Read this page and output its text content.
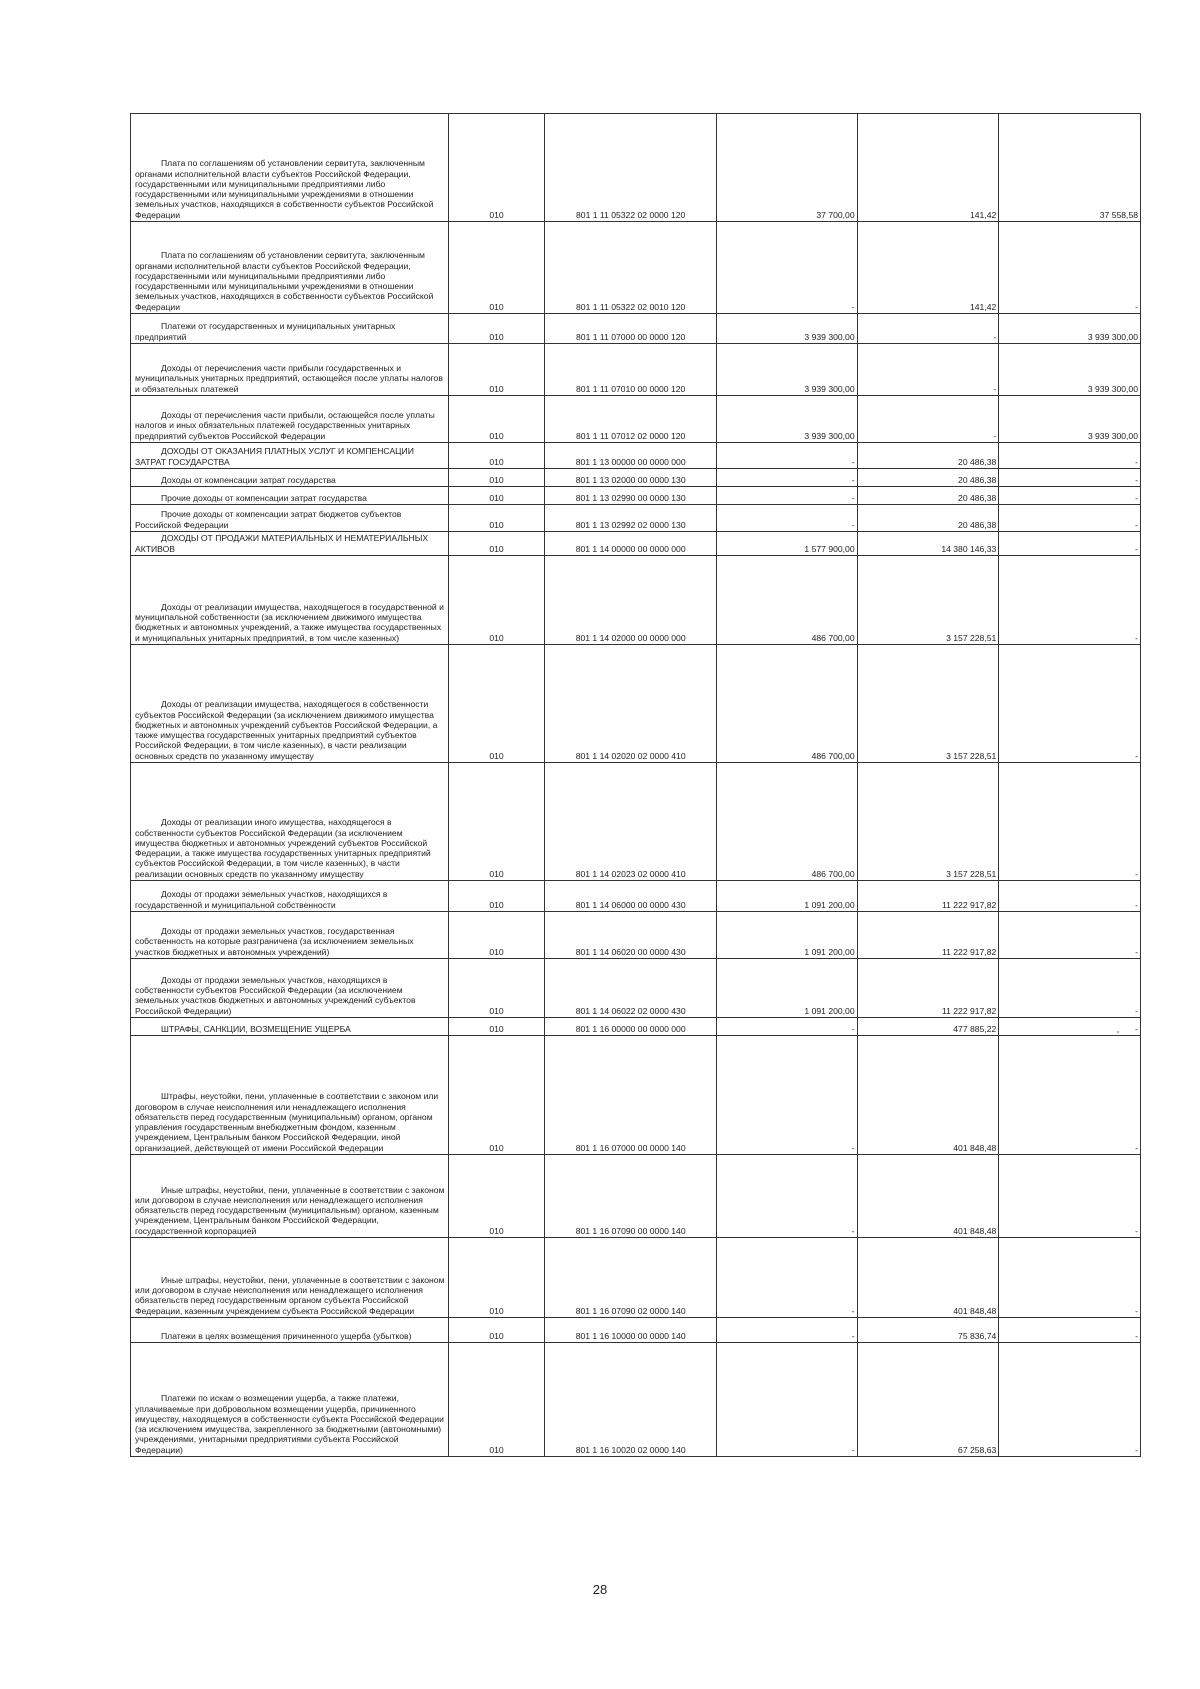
Плата по соглашениям об установлении сервитута, заключенным органами исполнительной власти субъектов Российской Федерации, государственными или муниципальными предприятиями либо государственными или муниципальными учреждениями в отношении земельных участков, находящихся в собственности субъектов Российской Федерации	010	801 1 11 05322 02 0000 120	37 700,00	141,42	37 558,58

Плата по соглашениям об установлении сервитута, заключенным органами исполнительной власти субъектов Российской Федерации, государственными или муниципальными предприятиями либо государственными или муниципальными учреждениями в отношении земельных участков, находящихся в собственности субъектов Российской Федерации	010	801 1 11 05322 02 0010 120	-	141,42	-

Платежи от государственных и муниципальных унитарных предприятий	010	801 1 11 07000 00 0000 120	3 939 300,00	-	3 939 300,00

Доходы от перечисления части прибыли государственных и муниципальных унитарных предприятий, остающейся после уплаты налогов и обязательных платежей	010	801 1 11 07010 00 0000 120	3 939 300,00	-	3 939 300,00

Доходы от перечисления части прибыли, остающейся после уплаты налогов и иных обязательных платежей государственных унитарных предприятий субъектов Российской Федерации	010	801 1 11 07012 02 0000 120	3 939 300,00	-	3 939 300,00

ДОХОДЫ ОТ ОКАЗАНИЯ ПЛАТНЫХ УСЛУГ И КОМПЕНСАЦИИ ЗАТРАТ ГОСУДАРСТВА	010	801 1 13 00000 00 0000 000	-	20 486,38	-

Доходы от компенсации затрат государства	010	801 1 13 02000 00 0000 130	-	20 486,38	-

Прочие доходы от компенсации затрат государства	010	801 1 13 02990 00 0000 130	-	20 486,38	-

Прочие доходы от компенсации затрат бюджетов субъектов Российской Федерации	010	801 1 13 02992 02 0000 130	-	20 486,38	-

ДОХОДЫ ОТ ПРОДАЖИ МАТЕРИАЛЬНЫХ И НЕМАТЕРИАЛЬНЫХ АКТИВОВ	010	801 1 14 00000 00 0000 000	1 577 900,00	14 380 146,33	-

Доходы от реализации имущества, находящегося в государственной и муниципальной собственности (за исключением движимого имущества бюджетных и автономных учреждений, а также имущества государственных и муниципальных унитарных предприятий, в том числе казенных)	010	801 1 14 02000 00 0000 000	486 700,00	3 157 228,51	-

Доходы от реализации имущества, находящегося в собственности субъектов Российской Федерации (за исключением движимого имущества бюджетных и автономных учреждений субъектов Российской Федерации, а также имущества государственных унитарных предприятий субъектов Российской Федерации, в том числе казенных), в части реализации основных средств по указанному имуществу	010	801 1 14 02020 02 0000 410	486 700,00	3 157 228,51	-

Доходы от реализации иного имущества, находящегося в собственности субъектов Российской Федерации (за исключением имущества бюджетных и автономных учреждений субъектов Российской Федерации, а также имущества государственных унитарных предприятий субъектов Российской Федерации, в том числе казенных), в части реализации основных средств по указанному имуществу	010	801 1 14 02023 02 0000 410	486 700,00	3 157 228,51	-

Доходы от продажи земельных участков, находящихся в государственной и муниципальной собственности	010	801 1 14 06000 00 0000 430	1 091 200,00	11 222 917,82	-

Доходы от продажи земельных участков, государственная собственность на которые разграничена (за исключением земельных участков бюджетных и автономных учреждений)	010	801 1 14 06020 00 0000 430	1 091 200,00	11 222 917,82	-

Доходы от продажи земельных участков, находящихся в собственности субъектов Российской Федерации (за исключением земельных участков бюджетных и автономных учреждений субъектов Российской Федерации)	010	801 1 14 06022 02 0000 430	1 091 200,00	11 222 917,82	-

ШТРАФЫ, САНКЦИИ, ВОЗМЕЩЕНИЕ УЩЕРБА	010	801 1 16 00000 00 0000 000	-	477 885,22	-

Штрафы, неустойки, пени, уплаченные в соответствии с законом или договором в случае неисполнения или ненадлежащего исполнения обязательств перед государственным (муниципальным) органом, органом управления государственным внебюджетным фондом, казенным учреждением, Центральным банком Российской Федерации, иной организацией, действующей от имени Российской Федерации	010	801 1 16 07000 00 0000 140	-	401 848,48	-

Иные штрафы, неустойки, пени, уплаченные в соответствии с законом или договором в случае неисполнения или ненадлежащего исполнения обязательств перед государственным (муниципальным) органом, казенным учреждением, Центральным банком Российской Федерации, государственной корпорацией	010	801 1 16 07090 00 0000 140	-	401 848,48	-

Иные штрафы, неустойки, пени, уплаченные в соответствии с законом или договором в случае неисполнения или ненадлежащего исполнения обязательств перед государственным органом субъекта Российской Федерации, казенным учреждением субъекта Российской Федерации	010	801 1 16 07090 02 0000 140	-	401 848,48	-

Платежи в целях возмещения причиненного ущерба (убытков)	010	801 1 16 10000 00 0000 140	-	75 836,74	-

Платежи по искам о возмещении ущерба, а также платежи, уплачиваемые при добровольном возмещении ущерба, причиненного имуществу, находящемуся в собственности субъекта Российской Федерации (за исключением имущества, закрепленного за бюджетными (автономными) учреждениями, унитарными предприятиями субъекта Российской Федерации)	010	801 1 16 10020 02 0000 140	-	67 258,63	-
'
28
